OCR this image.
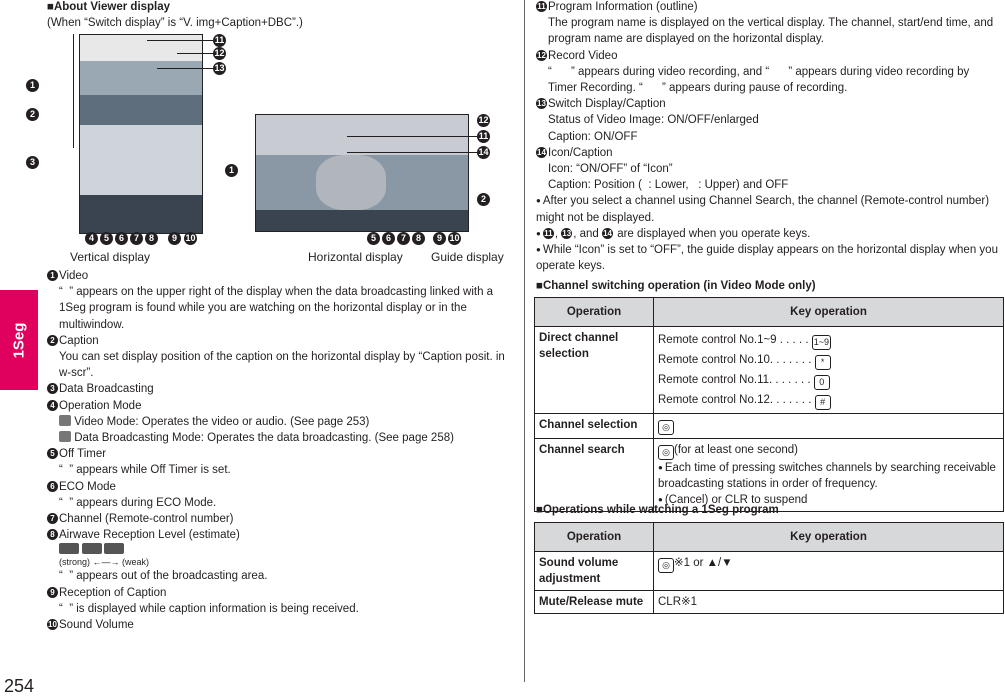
1Seg
254

■About Viewer display

(When “Switch display” is “V. img+Caption+DBC”.)

1
2
3
11
12
13
4	5	6	7	8	9 10
1
12
11
14
2
5	6	7	8	9 10
Vertical display	Horizontal display Guide display

1 Video

“  ” appears on the upper right of the display when the data broadcasting linked with a 1Seg program is found while you are watching on the horizontal display or in the multiwindow.

2 Caption

You can set display position of the caption on the horizontal display by “Caption posit. in w-scr”.

3 Data Broadcasting

4 Operation Mode

Video Mode: Operates the video or audio. (See page 253)

Data Broadcasting Mode: Operates the data broadcasting. (See page 258)

5 Off Timer

“  ” appears while Off Timer is set.

6 ECO Mode

“  ” appears during ECO Mode.

7 Channel (Remote-control number)

8 Airwave Reception Level (estimate)

(strong) ←—→ (weak)

“  ” appears out of the broadcasting area.

9 Reception of Caption

“  ” is displayed while caption information is being received.

10 Sound Volume

11 Program Information (outline)

The program name is displayed on the vertical display. The channel, start/end time, and program name are displayed on the horizontal display.

12 Record Video

“      ” appears during video recording, and “      ” appears during video recording by Timer Recording. “      ” appears during pause of recording.

13 Switch Display/Caption

Status of Video Image: ON/OFF/enlarged

Caption: ON/OFF

14 Icon/Caption

Icon: “ON/OFF” of “Icon”

Caption: Position (  : Lower,   : Upper) and OFF

● After you select a channel using Channel Search, the channel (Remote-control number) might not be displayed.

● 11 , 13 , and 14 are displayed when you operate keys.

● While “Icon” is set to “OFF”, the guide display appears on the horizontal display when you operate keys.

■Channel switching operation (in Video Mode only)

Operation	Key operation
Direct channel selection	Remote control No.1~9 . . . . . 1~9
Remote control No.10. . . . . . . *
Remote control No.11. . . . . . . 0
Remote control No.12. . . . . . . #

Channel selection	◎
Channel search	◎ (for at least one second)
● Each time of pressing switches channels by searching receivable broadcasting stations in order of frequency.
● (Cancel) or CLR to suspend

■Operations while watching a 1Seg program

Operation	Key operation
Sound volume adjustment	◎ ※1 or ▲/▼
Mute/Release mute	CLR※1
